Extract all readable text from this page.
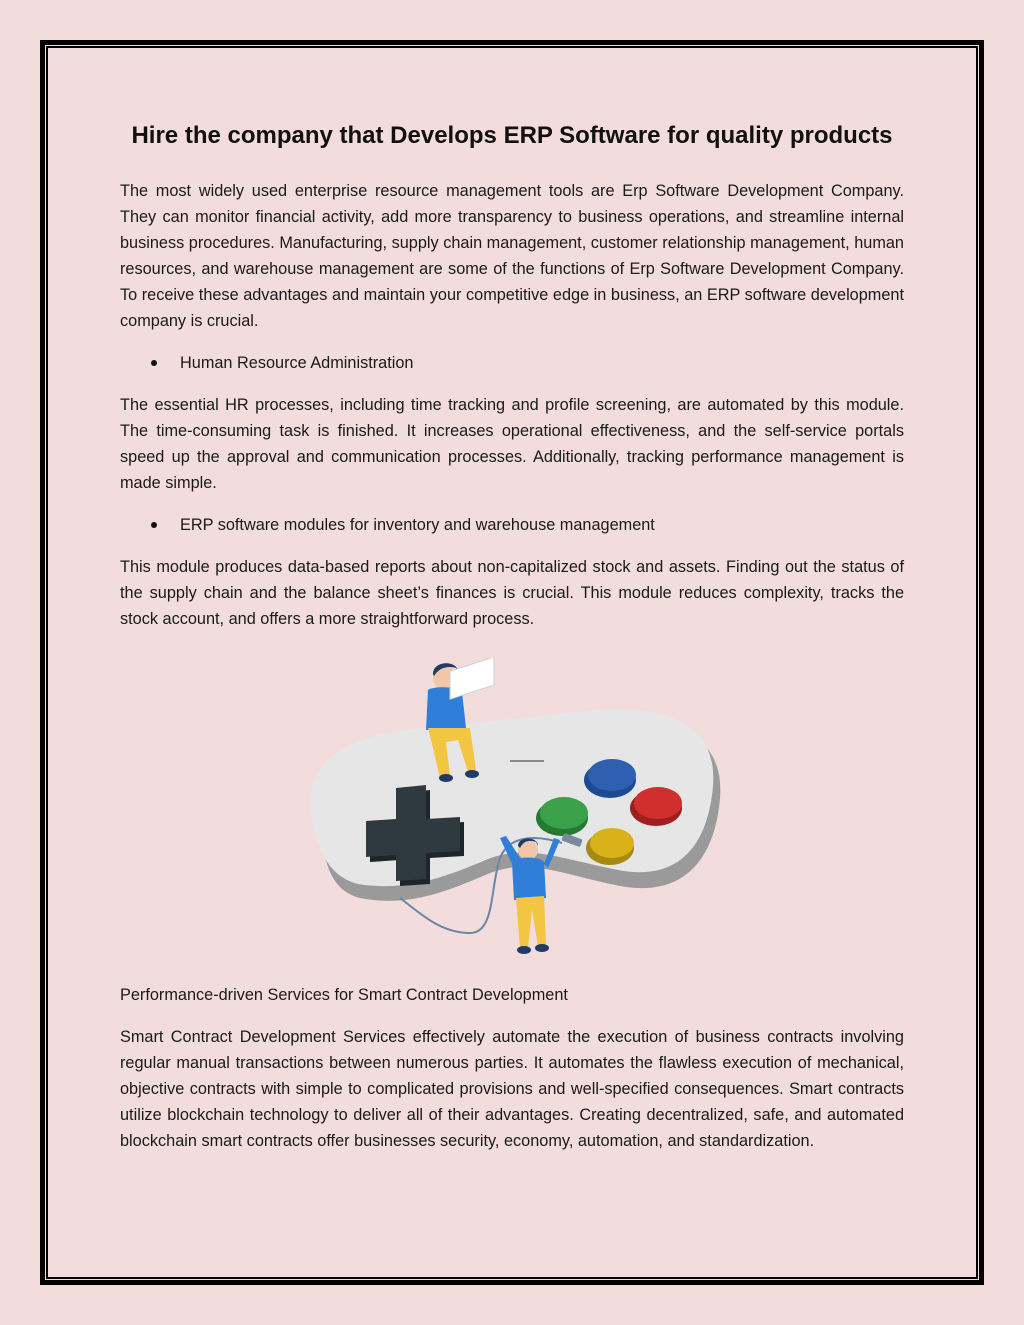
Hire the company that Develops ERP Software for quality products

The most widely used enterprise resource management tools are Erp Software Development Company. They can monitor financial activity, add more transparency to business operations, and streamline internal business procedures. Manufacturing, supply chain management, customer relationship management, human resources, and warehouse management are some of the functions of Erp Software Development Company. To receive these advantages and maintain your competitive edge in business, an ERP software development company is crucial.

Human Resource Administration

The essential HR processes, including time tracking and profile screening, are automated by this module. The time-consuming task is finished. It increases operational effectiveness, and the self-service portals speed up the approval and communication processes. Additionally, tracking performance management is made simple.

ERP software modules for inventory and warehouse management

This module produces data-based reports about non-capitalized stock and assets. Finding out the status of the supply chain and the balance sheet’s finances is crucial. This module reduces complexity, tracks the stock account, and offers a more straightforward process.

Performance-driven Services for Smart Contract Development

Smart Contract Development Services effectively automate the execution of business contracts involving regular manual transactions between numerous parties. It automates the flawless execution of mechanical, objective contracts with simple to complicated provisions and well-specified consequences. Smart contracts utilize blockchain technology to deliver all of their advantages. Creating decentralized, safe, and automated blockchain smart contracts offer businesses security, economy, automation, and standardization.
